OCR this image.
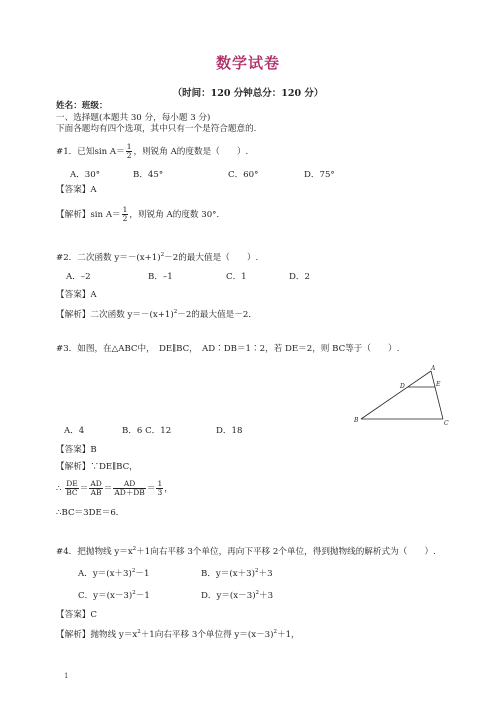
数学试卷
（时间：120 分钟总分：120 分）
姓名：班级：
一、选择题(本题共 30 分，每小题 3 分)
下面各题均有四个选项，其中只有一个是符合题意的.
#1．已知$\sin A= \frac{1}{2}$ ，则锐角 A的度数是（　　）.
A．30°	B．45°	C．60°	D．75°
【答案】A
【解析】$\sin A= \frac{1}{2}$ ，则锐角 A的度数 30°．
#2．二次函数 $y=-(x+1)^2-2$的最大值是（　　）.
A．–2	B．–1	C．1	D．2
【答案】A
【解析】二次函数 $y=-(x+1)^2-2$的最大值是－2．
#3．如图，在△ABC中，　DE∥BC，　AD∶DB＝1∶2，若 DE＝2，则 BC等于（　　）.
A
B	C
D	E
A．4	B．6 C．12	D．18
【答案】B
【解析】∵DE∥BC，
∴ $\frac{DE}{BC} = \frac{AD}{AB} = \frac{AD}{AD+DB} = \frac{1}{3}$ ，
∴BC＝3DE＝6．
#4．把抛物线 $y=x^2+1$向右平移 3个单位，再向下平移 2个单位，得到抛物线的解析式为（　　）.
A．$y=(x+3)^2-1$	B．$y=(x+3)^2+3$
C．$y=(x-3)^2-1$	D．$y=(x-3)^2+3$
【答案】C
【解析】抛物线 $y=x^2+1$向右平移 3个单位得 $y=(x-3)^2+1$，
1
